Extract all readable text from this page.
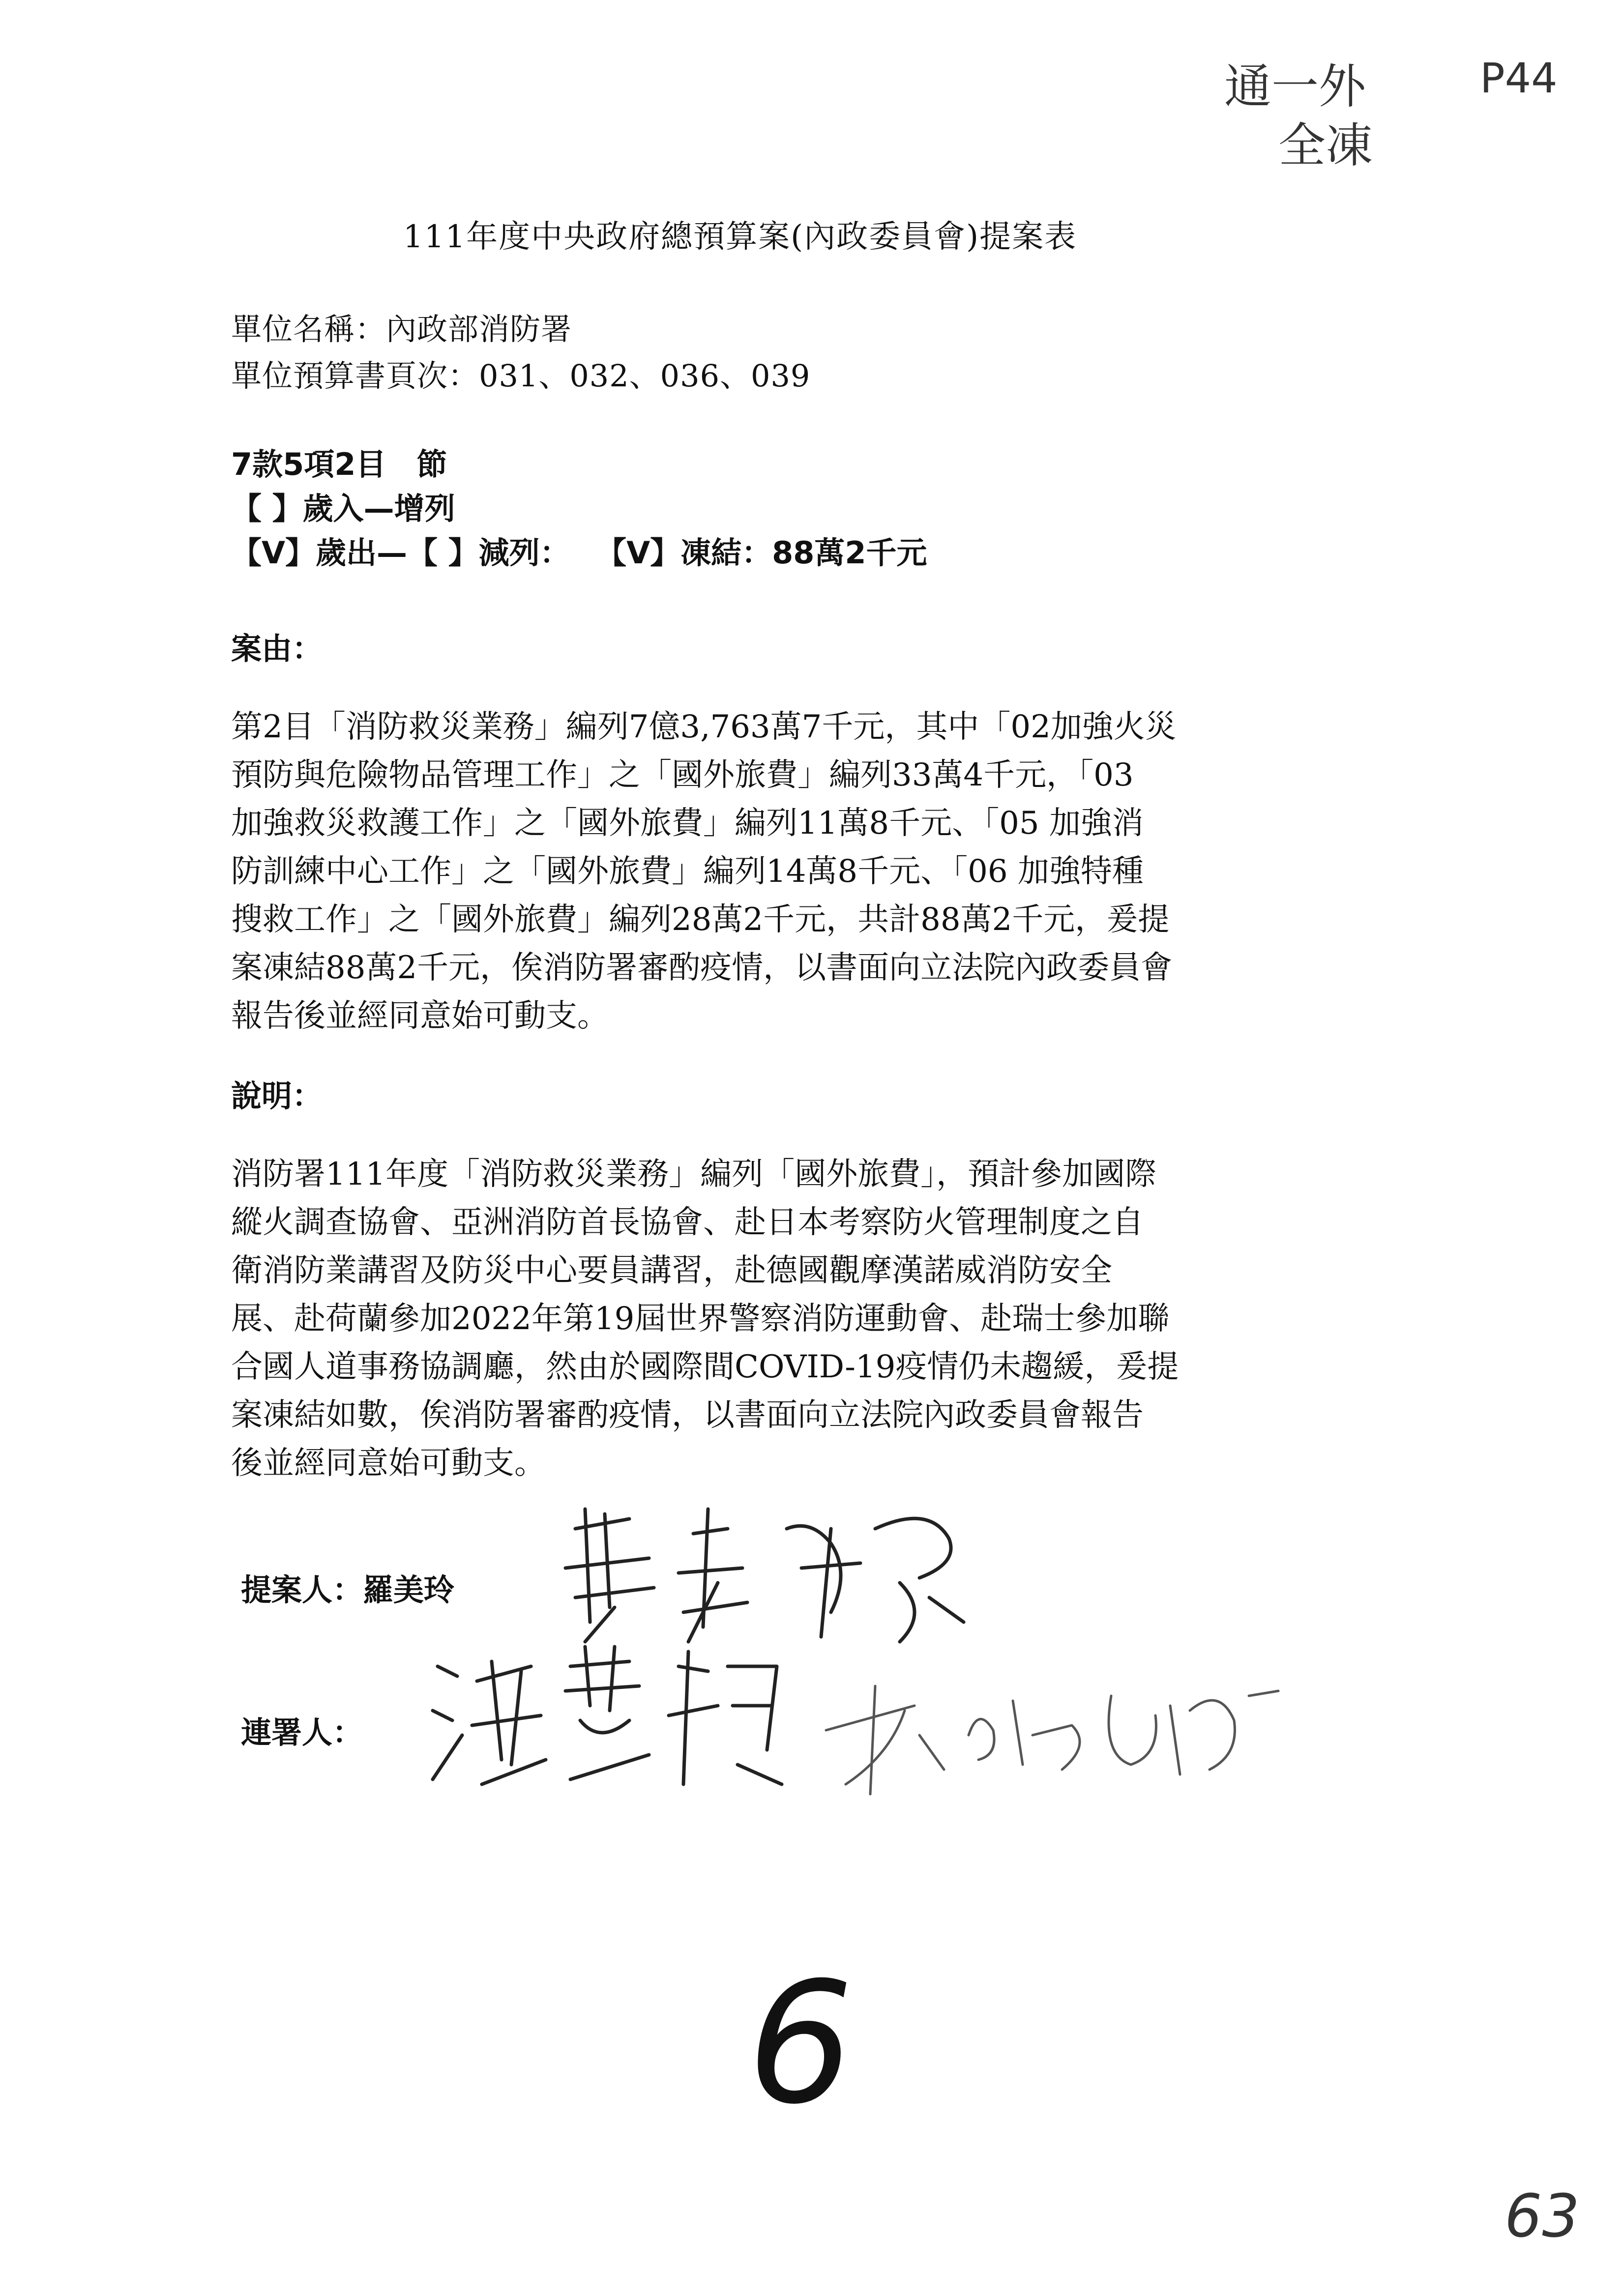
通一外
全凍
P44
111年度中央政府總預算案(內政委員會)提案表
單位名稱：內政部消防署
單位預算書頁次：031、032、036、039
7款5項2目　節
【 】歲入—增列
【V】歲出—【 】減列：　 【V】凍結：88萬2千元
案由：
第2目「消防救災業務」編列7億3,763萬7千元，其中「02加強火災
預防與危險物品管理工作」之「國外旅費」編列33萬4千元，「03
加強救災救護工作」之「國外旅費」編列11萬8千元、「05 加強消
防訓練中心工作」之「國外旅費」編列14萬8千元、「06 加強特種
搜救工作」之「國外旅費」編列28萬2千元，共計88萬2千元，爰提
案凍結88萬2千元，俟消防署審酌疫情，以書面向立法院內政委員會
報告後並經同意始可動支。
說明：
消防署111年度「消防救災業務」編列「國外旅費」，預計參加國際
縱火調查協會、亞洲消防首長協會、赴日本考察防火管理制度之自
衛消防業講習及防災中心要員講習，赴德國觀摩漢諾威消防安全
展、赴荷蘭參加2022年第19屆世界警察消防運動會、赴瑞士參加聯
合國人道事務協調廳，然由於國際間COVID-19疫情仍未趨緩，爰提
案凍結如數，俟消防署審酌疫情，以書面向立法院內政委員會報告
後並經同意始可動支。
提案人：羅美玲
連署人：
6
63
